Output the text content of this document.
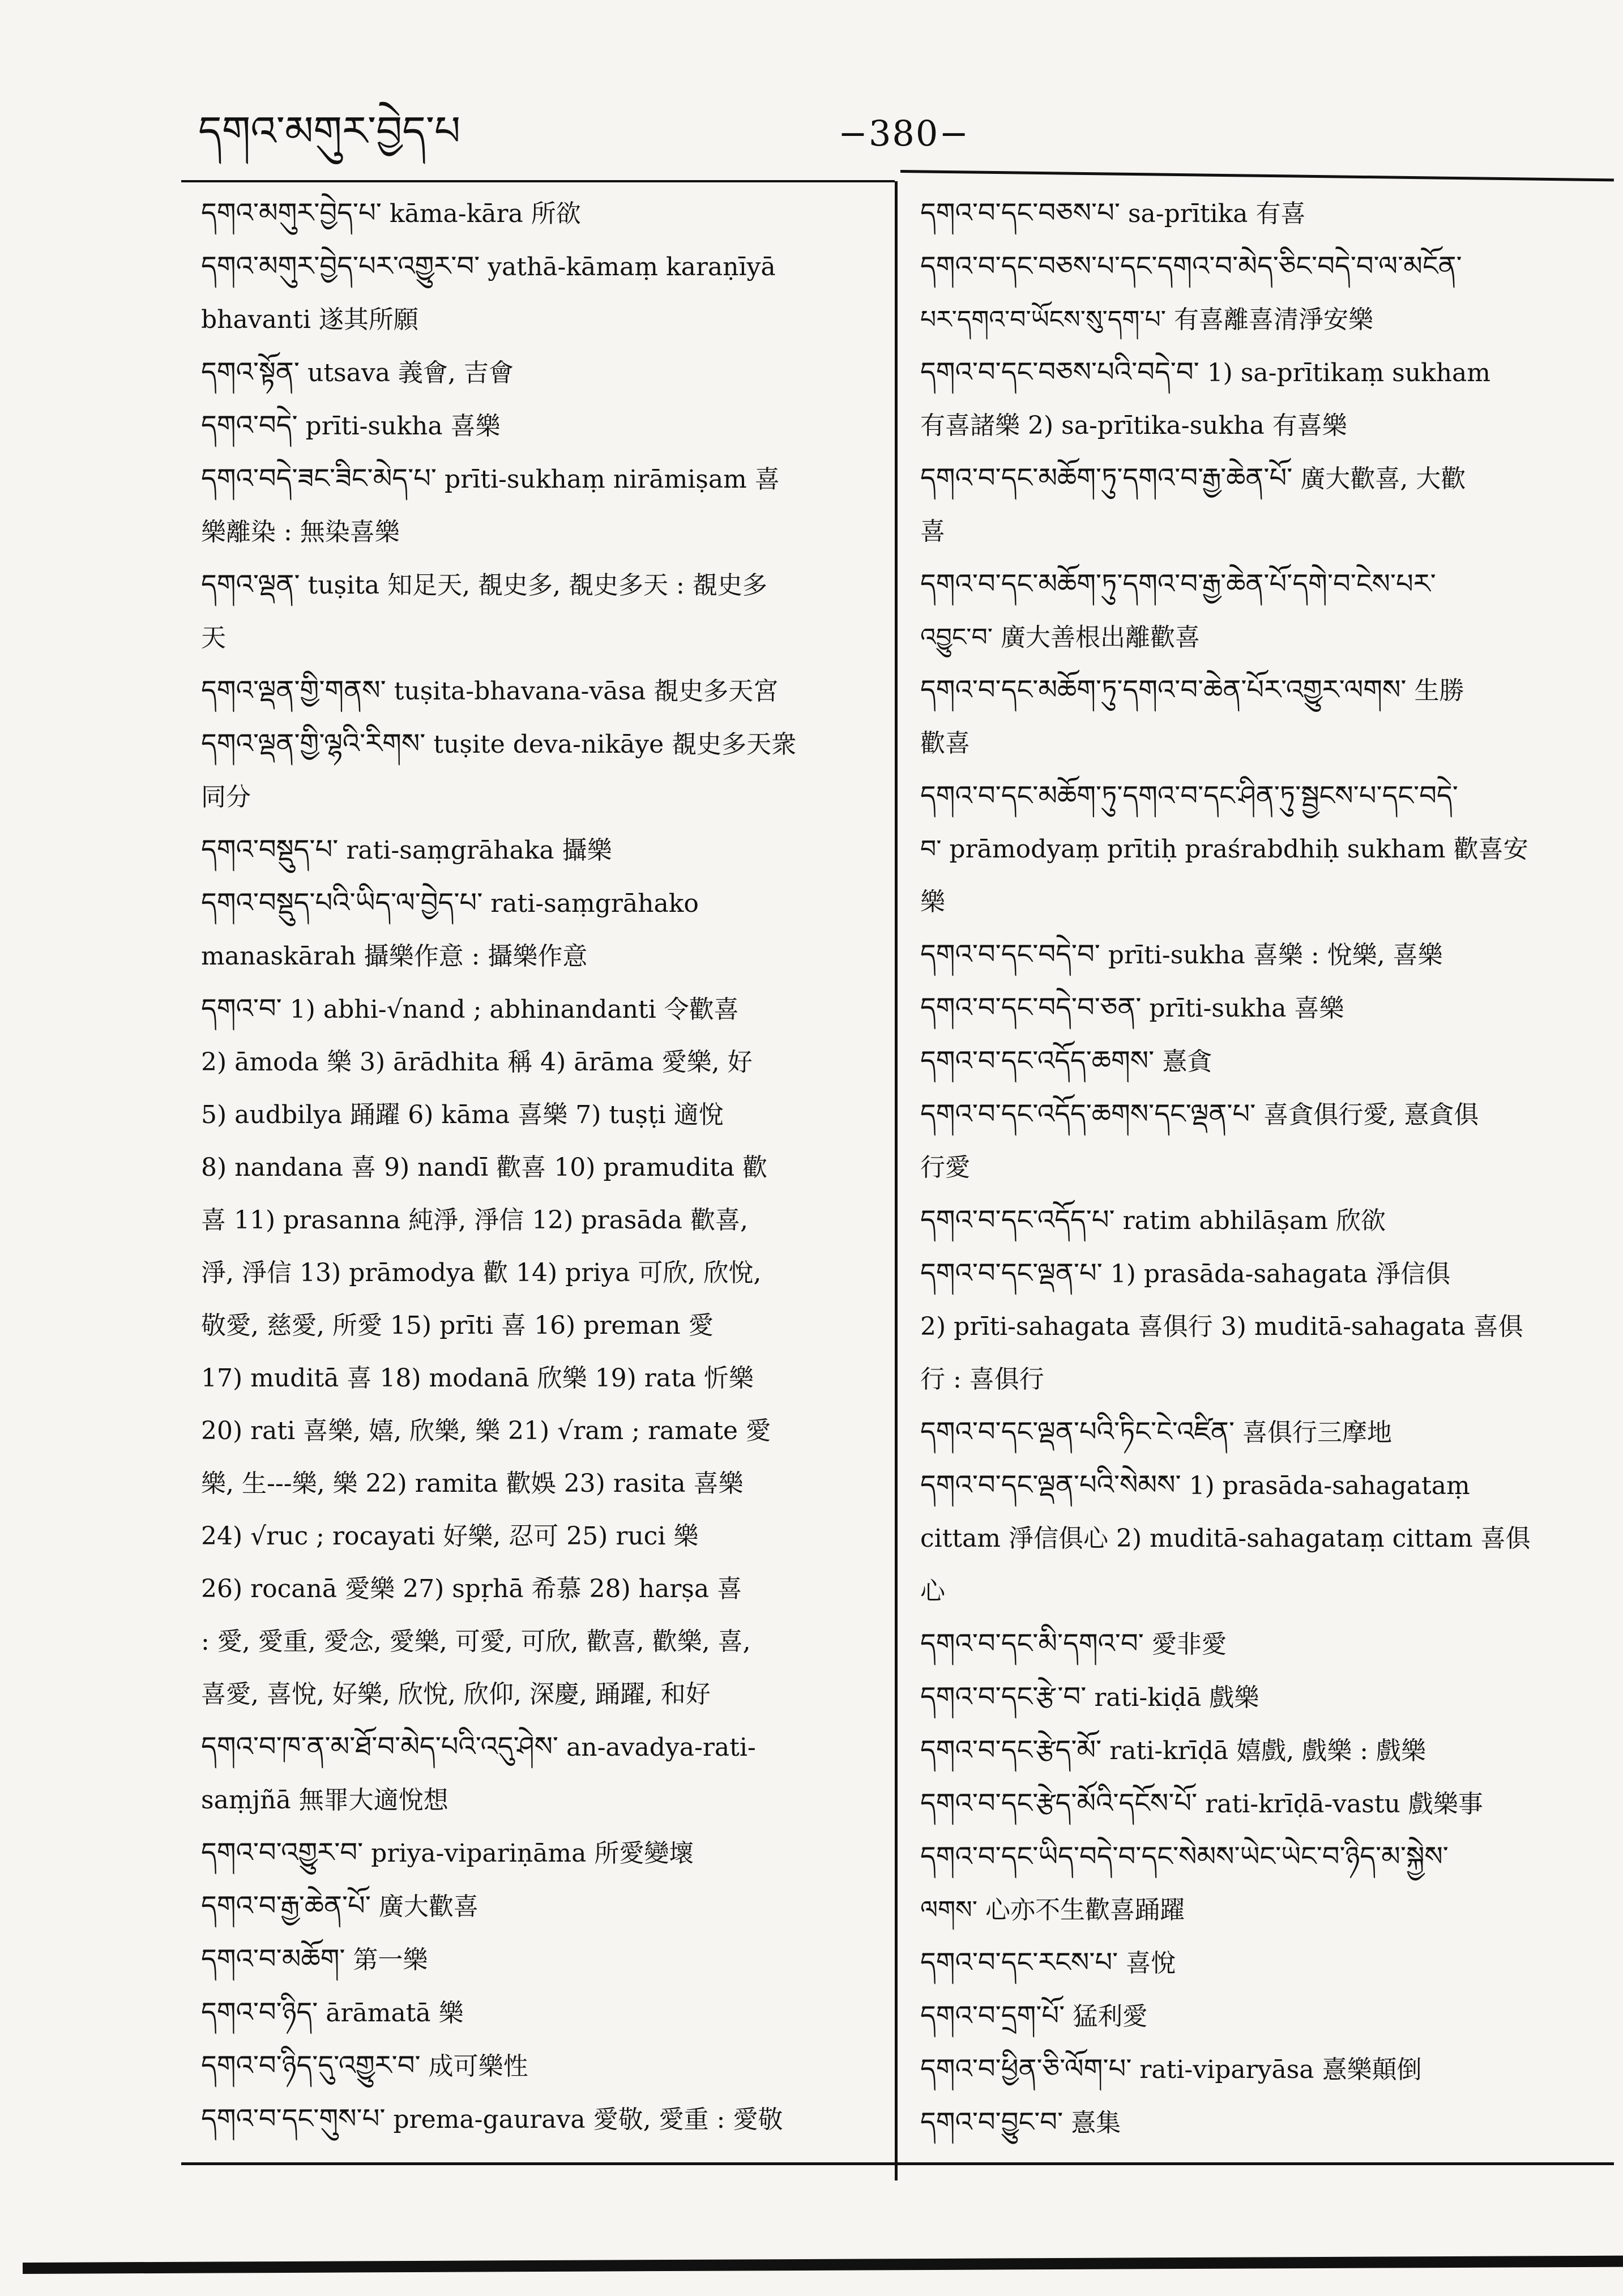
དགའ་མགུར་བྱེད་པ	−380−
དགའ་མགུར་བྱེད་པ་ kāma-kāra 所欲
དགའ་མགུར་བྱེད་པར་འགྱུར་བ་ yathā-kāmaṃ karaṇīyā
bhavanti 遂其所願
དགའ་སྟོན་ utsava 義會, 吉會
དགའ་བདེ་ prīti-sukha 喜樂
དགའ་བདེ་ཟང་ཟིང་མེད་པ་ prīti-sukhaṃ nirāmiṣam 喜
樂離染 : 無染喜樂
དགའ་ལྡན་ tuṣita 知足天, 覩史多, 覩史多天 : 覩史多
天
དགའ་ལྡན་གྱི་གནས་ tuṣita-bhavana-vāsa 覩史多天宮
དགའ་ལྡན་གྱི་ལྷའི་རིགས་ tuṣite deva-nikāye 覩史多天衆
同分
དགའ་བསྡུད་པ་ rati-saṃgrāhaka 攝樂
དགའ་བསྡུད་པའི་ཡིད་ལ་བྱེད་པ་ rati-saṃgrāhako
manaskārah 攝樂作意 : 攝樂作意
དགའ་བ་ 1) abhi-√nand ; abhinandanti 令歡喜
2) āmoda 樂 3) ārādhita 稱 4) ārāma 愛樂, 好
5) audbilya 踊躍 6) kāma 喜樂 7) tuṣṭi 適悅
8) nandana 喜 9) nandī 歡喜 10) pramudita 歡
喜 11) prasanna 純淨, 淨信 12) prasāda 歡喜,
淨, 淨信 13) prāmodya 歡 14) priya 可欣, 欣悅,
敬愛, 慈愛, 所愛 15) prīti 喜 16) preman 愛
17) muditā 喜 18) modanā 欣樂 19) rata 忻樂
20) rati 喜樂, 嬉, 欣樂, 樂 21) √ram ; ramate 愛
樂, 生---樂, 樂 22) ramita 歡娛 23) rasita 喜樂
24) √ruc ; rocayati 好樂, 忍可 25) ruci 樂
26) rocanā 愛樂 27) spṛhā 希慕 28) harṣa 喜
: 愛, 愛重, 愛念, 愛樂, 可愛, 可欣, 歡喜, 歡樂, 喜,
喜愛, 喜悅, 好樂, 欣悅, 欣仰, 深慶, 踊躍, 和好
དགའ་བ་ཁ་ན་མ་ཐོ་བ་མེད་པའི་འདུ་ཤེས་ an-avadya-rati-
saṃjñā 無罪大適悅想
དགའ་བ་འགྱུར་བ་ priya-vipariṇāma 所愛變壞
དགའ་བ་རྒྱ་ཆེན་པོ་ 廣大歡喜
དགའ་བ་མཆོག་ 第一樂
དགའ་བ་ཉིད་ ārāmatā 樂
དགའ་བ་ཉིད་དུ་འགྱུར་བ་ 成可樂性
དགའ་བ་དང་གུས་པ་ prema-gaurava 愛敬, 愛重 : 愛敬
དགའ་བ་དང་བཅས་པ་ sa-prītika 有喜
དགའ་བ་དང་བཅས་པ་དང་དགའ་བ་མེད་ཅིང་བདེ་བ་ལ་མངོན་
པར་དགའ་བ་ཡོངས་སུ་དག་པ་ 有喜離喜清淨安樂
དགའ་བ་དང་བཅས་པའི་བདེ་བ་ 1) sa-prītikaṃ sukham
有喜諸樂 2) sa-prītika-sukha 有喜樂
དགའ་བ་དང་མཆོག་ཏུ་དགའ་བ་རྒྱ་ཆེན་པོ་ 廣大歡喜, 大歡
喜
དགའ་བ་དང་མཆོག་ཏུ་དགའ་བ་རྒྱ་ཆེན་པོ་དགེ་བ་ངེས་པར་
འབྱུང་བ་ 廣大善根出離歡喜
དགའ་བ་དང་མཆོག་ཏུ་དགའ་བ་ཆེན་པོར་འགྱུར་ལགས་ 生勝
歡喜
དགའ་བ་དང་མཆོག་ཏུ་དགའ་བ་དང་ཤིན་ཏུ་སྦྱངས་པ་དང་བདེ་
བ་ prāmodyaṃ prītiḥ praśrabdhiḥ sukham 歡喜安
樂
དགའ་བ་དང་བདེ་བ་ prīti-sukha 喜樂 : 悅樂, 喜樂
དགའ་བ་དང་བདེ་བ་ཅན་ prīti-sukha 喜樂
དགའ་བ་དང་འདོད་ཆགས་ 憙貪
དགའ་བ་དང་འདོད་ཆགས་དང་ལྡན་པ་ 喜貪俱行愛, 憙貪俱
行愛
དགའ་བ་དང་འདོད་པ་ ratim abhilāṣam 欣欲
དགའ་བ་དང་ལྡན་པ་ 1) prasāda-sahagata 淨信俱
2) prīti-sahagata 喜俱行 3) muditā-sahagata 喜俱
行 : 喜俱行
དགའ་བ་དང་ལྡན་པའི་ཏིང་ངེ་འཛིན་ 喜俱行三摩地
དགའ་བ་དང་ལྡན་པའི་སེམས་ 1) prasāda-sahagataṃ
cittam 淨信俱心 2) muditā-sahagataṃ cittam 喜俱
心
དགའ་བ་དང་མི་དགའ་བ་ 愛非愛
དགའ་བ་དང་རྩེ་བ་ rati-kiḍā 戲樂
དགའ་བ་དང་རྩེད་མོ་ rati-krīḍā 嬉戲, 戲樂 : 戲樂
དགའ་བ་དང་རྩེད་མོའི་དངོས་པོ་ rati-krīḍā-vastu 戲樂事
དགའ་བ་དང་ཡིད་བདེ་བ་དང་སེམས་ཡེང་ཡེང་བ་ཉིད་མ་སྐྱེས་
ལགས་ 心亦不生歡喜踊躍
དགའ་བ་དང་རངས་པ་ 喜悅
དགའ་བ་དྲག་པོ་ 猛利愛
དགའ་བ་ཕྱིན་ཅི་ལོག་པ་ rati-viparyāsa 憙樂顛倒
དགའ་བ་བྱུང་བ་ 憙集
